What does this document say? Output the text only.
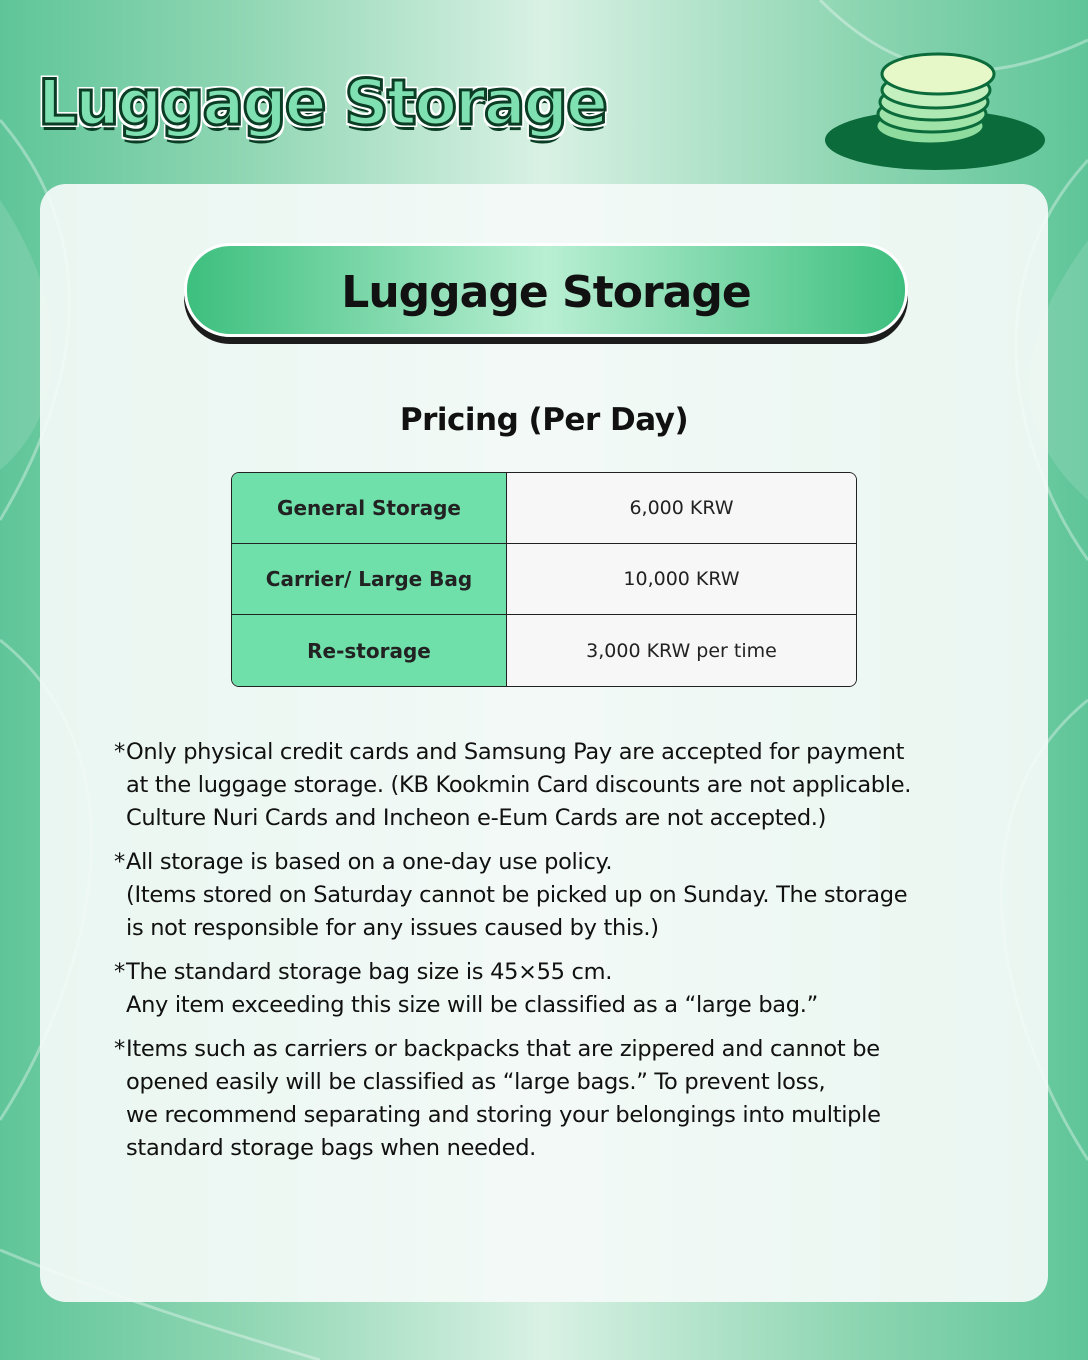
Luggage Storage
Luggage Storage
Pricing (Per Day)
General Storage	6,000 KRW
Carrier/ Large Bag	10,000 KRW
Re-storage	3,000 KRW per time
* Only physical credit cards and Samsung Pay are accepted for payment
at the luggage storage. (KB Kookmin Card discounts are not applicable.
Culture Nuri Cards and Incheon e-Eum Cards are not accepted.)
* All storage is based on a one-day use policy.
(Items stored on Saturday cannot be picked up on Sunday. The storage
is not responsible for any issues caused by this.)
* The standard storage bag size is 45×55 cm.
Any item exceeding this size will be classified as a “large bag.”
* Items such as carriers or backpacks that are zippered and cannot be
opened easily will be classified as “large bags.” To prevent loss,
we recommend separating and storing your belongings into multiple
standard storage bags when needed.
